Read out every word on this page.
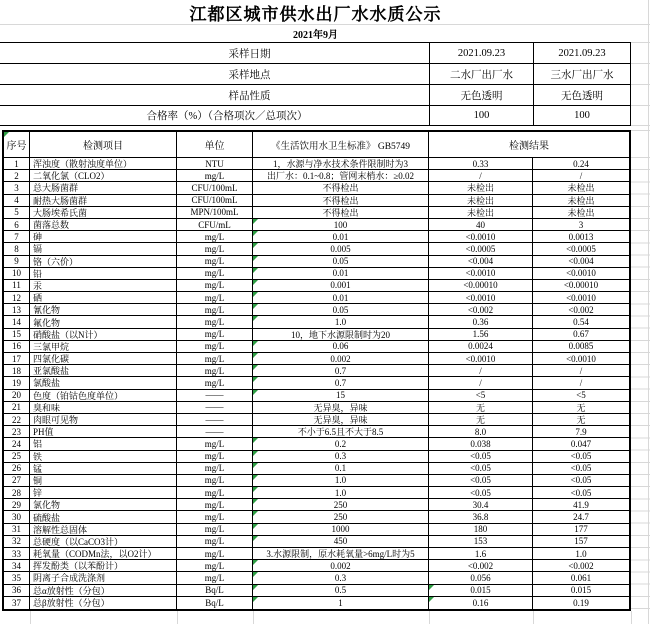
江都区城市供水出厂水水质公示
2021年9月
采样日期	2021.09.23	2021.09.23
采样地点	二水厂出厂水	三水厂出厂水
样品性质	无色透明	无色透明
合格率（%）（合格项次／总项次）	100	100
序号	检测项目	单位	《生活饮用水卫生标准》 GB5749	检测结果
1	浑浊度（散射浊度单位）	NTU	1，水源与净水技术条件限制时为3	0.33	0.24
2	二氧化氯（CLO2）	mg/L	出厂水：0.1~0.8；管网末梢水：≥0.02	/	/
3	总大肠菌群	CFU/100mL	不得检出	未检出	未检出
4	耐热大肠菌群	CFU/100mL	不得检出	未检出	未检出
5	大肠埃希氏菌	MPN/100mL	不得检出	未检出	未检出
6	菌落总数	CFU/mL	100	40	3
7	砷	mg/L	0.01	<0.0010	0.0013
8	镉	mg/L	0.005	<0.0005	<0.0005
9	铬（六价）	mg/L	0.05	<0.004	<0.004
10	铅	mg/L	0.01	<0.0010	<0.0010
11	汞	mg/L	0.001	<0.00010	<0.00010
12	硒	mg/L	0.01	<0.0010	<0.0010
13	氰化物	mg/L	0.05	<0.002	<0.002
14	氟化物	mg/L	1.0	0.36	0.54
15	硝酸盐（以N计）	mg/L	10，地下水源限制时为20	1.56	0.67
16	三氯甲烷	mg/L	0.06	0.0024	0.0085
17	四氯化碳	mg/L	0.002	<0.0010	<0.0010
18	亚氯酸盐	mg/L	0.7	/	/
19	氯酸盐	mg/L	0.7	/	/
20	色度（铂钴色度单位）	——	15	<5	<5
21	臭和味	——	无异臭，异味	无	无
22	肉眼可见物	——	无异臭，异味	无	无
23	PH值	——	不小于6.5且不大于8.5	8.0	7.9
24	铝	mg/L	0.2	0.038	0.047
25	铁	mg/L	0.3	<0.05	<0.05
26	锰	mg/L	0.1	<0.05	<0.05
27	铜	mg/L	1.0	<0.05	<0.05
28	锌	mg/L	1.0	<0.05	<0.05
29	氯化物	mg/L	250	30.4	41.9
30	硫酸盐	mg/L	250	36.8	24.7
31	溶解性总固体	mg/L	1000	180	177
32	总硬度（以CaCO3计）	mg/L	450	153	157
33	耗氧量（CODMn法，以O2计）	mg/L	3.水源限制，原水耗氧量>6mg/L时为5	1.6	1.0
34	挥发酚类（以苯酚计）	mg/L	0.002	<0.002	<0.002
35	阴离子合成洗涤剂	mg/L	0.3	0.056	0.061
36	总α放射性（分包）	Bq/L	0.5	0.015	0.015
37	总β放射性（分包）	Bq/L	1	0.16	0.19
